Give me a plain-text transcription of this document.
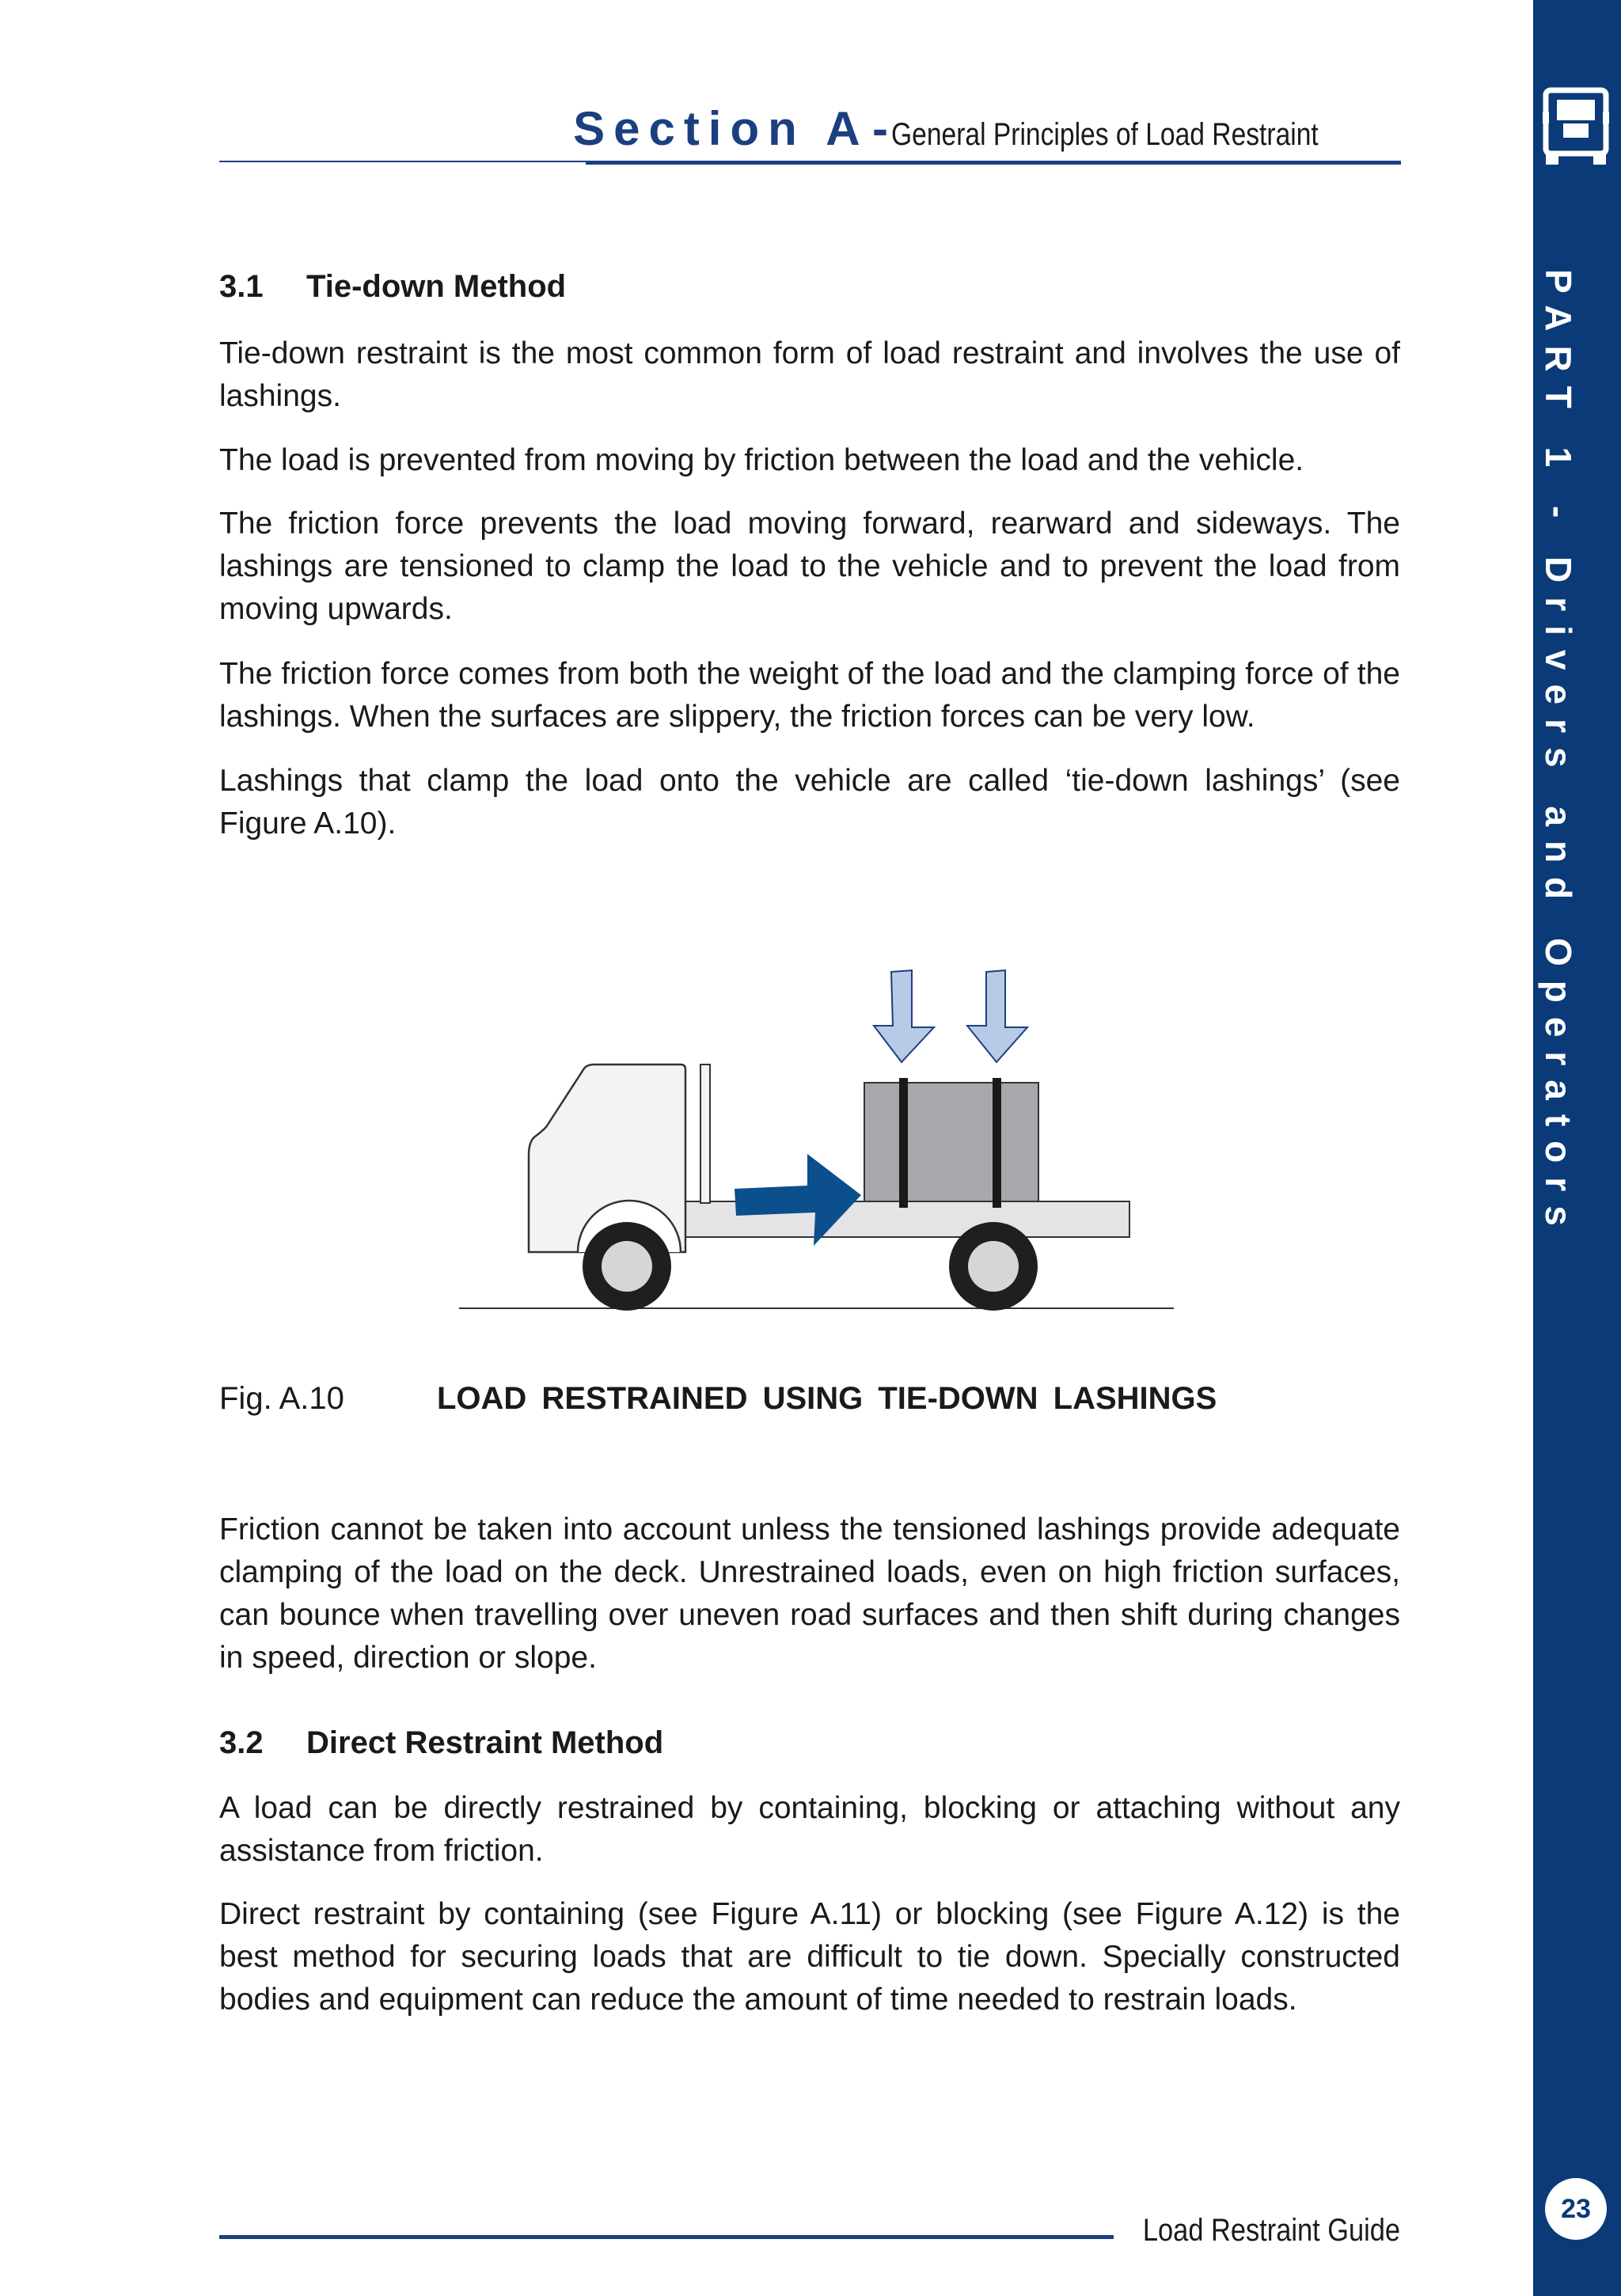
Section A - General Principles of Load Restraint
PART 1 - Drivers and Operators
23
3.1 Tie-down Method
Tie-down restraint is the most common form of load restraint and involves the use of lashings.
The load is prevented from moving by friction between the load and the vehicle.
The friction force prevents the load moving forward, rearward and sideways. The lashings are tensioned to clamp the load to the vehicle and to prevent the load from moving upwards.
The friction force comes from both the weight of the load and the clamping force of the lashings. When the surfaces are slippery, the friction forces can be very low.
Lashings that clamp the load onto the vehicle are called ‘tie-down lashings’ (see Figure A.10).
Fig. A.10	LOAD RESTRAINED USING TIE-DOWN LASHINGS
Friction cannot be taken into account unless the tensioned lashings provide adequate clamping of the load on the deck. Unrestrained loads, even on high friction surfaces, can bounce when travelling over uneven road surfaces and then shift during changes in speed, direction or slope.
3.2 Direct Restraint Method
A load can be directly restrained by containing, blocking or attaching without any assistance from friction.
Direct restraint by containing (see Figure A.11) or blocking (see Figure A.12) is the best method for securing loads that are difficult to tie down. Specially constructed bodies and equipment can reduce the amount of time needed to restrain loads.
Load Restraint Guide
